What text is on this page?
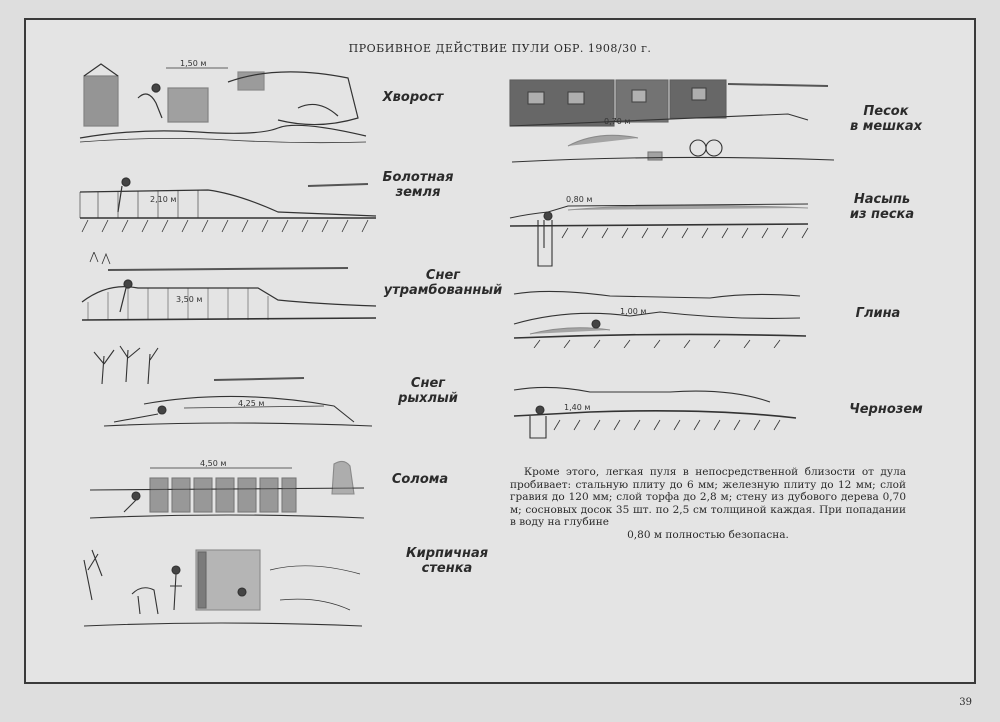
ПРОБИВНОЕ ДЕЙСТВИЕ ПУЛИ ОБР. 1908/30 г.
1,50 м
Хворост
2,10 м
Болотная
земля
3,50 м
Снег
утрамбованный
4,25 м
Снег рыхлый
4,50 м
Солома
Кирпичная
стенка
0,70 м
Песок
в мешках
0,80 м	Насыпь
из песка
1,00 м	Глина
1,40 м	Чернозем
Кроме этого, легкая пуля в непосредственной близости от дула пробивает: стальную плиту до 6 мм; железную плиту до 12 мм; слой гравия до 120 мм; слой торфа до 2,8 м; стену из дубового дерева 0,70 м; сосновых досок 35 шт. по 2,5 см толщиной каждая. При попадании в воду на глубине
0,80 м полностью безопасна.
39
